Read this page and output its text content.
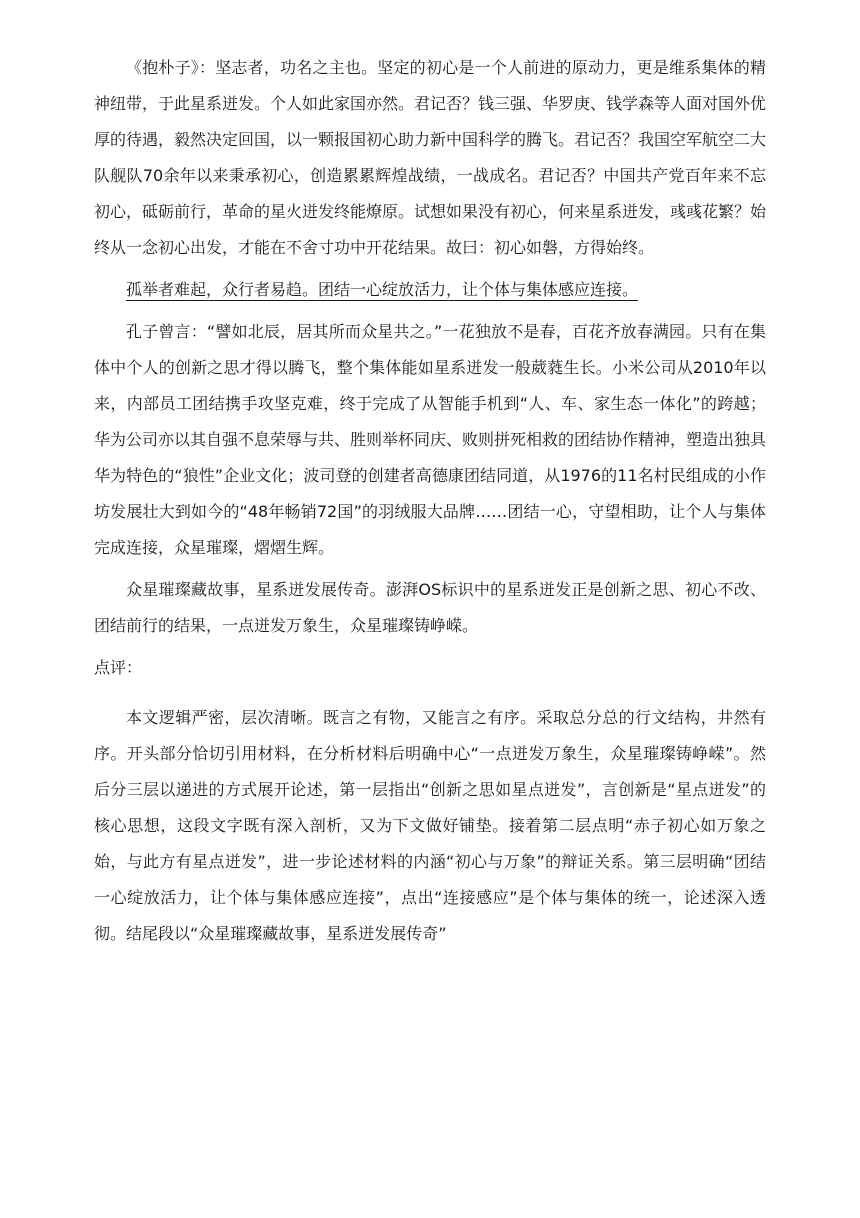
《抱朴子》：坚志者，功名之主也。坚定的初心是一个人前进的原动力，更是维系集体的精神纽带，于此星系迸发。个人如此家国亦然。君记否？钱三强、华罗庚、钱学森等人面对国外优厚的待遇，毅然决定回国，以一颗报国初心助力新中国科学的腾飞。君记否？我国空军航空二大队舰队70余年以来秉承初心，创造累累辉煌战绩，一战成名。君记否？中国共产党百年来不忘初心，砥砺前行，革命的星火迸发终能燎原。试想如果没有初心，何来星系迸发，彧彧花繁？始终从一念初心出发，才能在不舍寸功中开花结果。故曰：初心如磐，方得始终。

孤举者难起，众行者易趋。团结一心绽放活力，让个体与集体感应连接。

孔子曾言：“譬如北辰，居其所而众星共之。”一花独放不是春，百花齐放春满园。只有在集体中个人的创新之思才得以腾飞，整个集体能如星系迸发一般葳蕤生长。小米公司从2010年以来，内部员工团结携手攻坚克难，终于完成了从智能手机到“人、车、家生态一体化”的跨越；华为公司亦以其自强不息荣辱与共、胜则举杯同庆、败则拼死相救的团结协作精神，塑造出独具华为特色的“狼性”企业文化；波司登的创建者高德康团结同道，从1976的11名村民组成的小作坊发展壮大到如今的“48年畅销72国”的羽绒服大品牌……团结一心，守望相助，让个人与集体完成连接，众星璀璨，熠熠生辉。

众星璀璨藏故事，星系迸发展传奇。澎湃OS标识中的星系迸发正是创新之思、初心不改、团结前行的结果，一点迸发万象生，众星璀璨铸峥嵘。

点评：

本文逻辑严密，层次清晰。既言之有物，又能言之有序。采取总分总的行文结构，井然有序。开头部分恰切引用材料，在分析材料后明确中心“一点迸发万象生，众星璀璨铸峥嵘”。然后分三层以递进的方式展开论述，第一层指出“创新之思如星点迸发”，言创新是“星点迸发”的核心思想，这段文字既有深入剖析，又为下文做好铺垫。接着第二层点明“赤子初心如万象之始，与此方有星点迸发”，进一步论述材料的内涵“初心与万象”的辩证关系。第三层明确“团结一心绽放活力，让个体与集体感应连接”，点出“连接感应”是个体与集体的统一，论述深入透彻。结尾段以“众星璀璨藏故事，星系迸发展传奇”
